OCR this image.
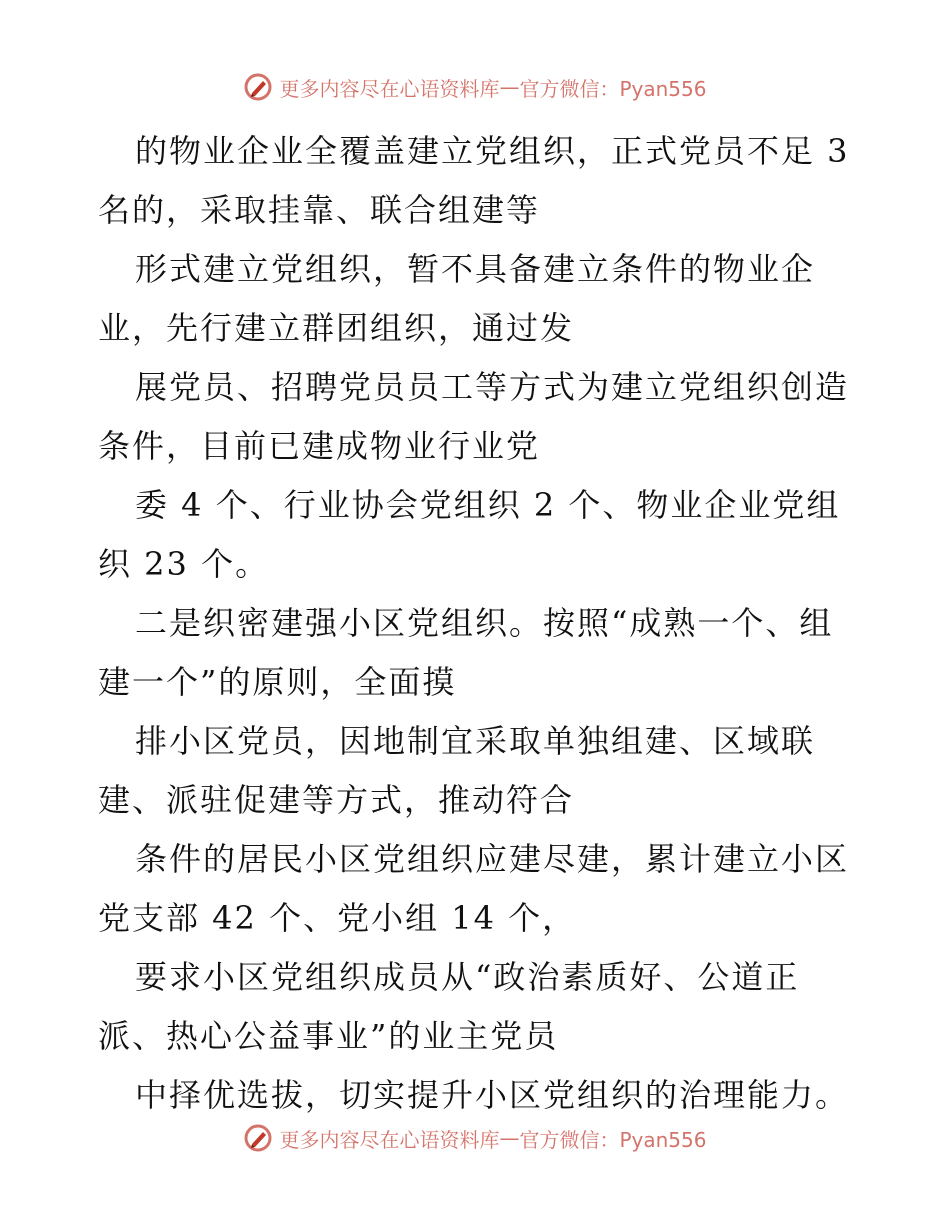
更多内容尽在心语资料库 — 官方微信：Pyan556
的物业企业全覆盖建立党组织，正式党员不足 3
名的，采取挂靠、联合组建等
形式建立党组织，暂不具备建立条件的物业企
业，先行建立群团组织，通过发
展党员、招聘党员员工等方式为建立党组织创造
条件，目前已建成物业行业党
委 4 个、行业协会党组织 2 个、物业企业党组
织 23 个。
二是织密建强小区党组织。按照“成熟一个、组
建一个”的原则，全面摸
排小区党员，因地制宜采取单独组建、区域联
建、派驻促建等方式，推动符合
条件的居民小区党组织应建尽建，累计建立小区
党支部 42 个、党小组 14 个，
要求小区党组织成员从“政治素质好、公道正
派、热心公益事业”的业主党员
中择优选拔，切实提升小区党组织的治理能力。
更多内容尽在心语资料库 — 官方微信：Pyan556
